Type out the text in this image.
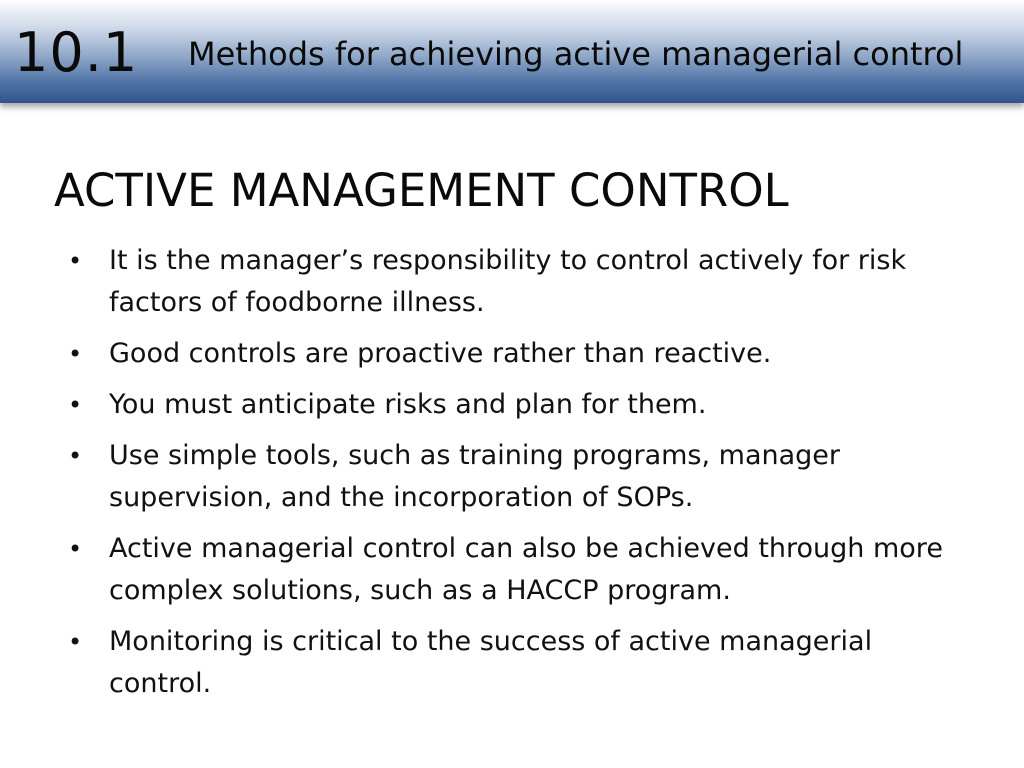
10.1 Methods for achieving active managerial control
ACTIVE MANAGEMENT CONTROL
• It is the manager’s responsibility to control actively for risk factors of foodborne illness.
• Good controls are proactive rather than reactive.
• You must anticipate risks and plan for them.
• Use simple tools, such as training programs, manager supervision, and the incorporation of SOPs.
• Active managerial control can also be achieved through more complex solutions, such as a HACCP program.
• Monitoring is critical to the success of active managerial control.
